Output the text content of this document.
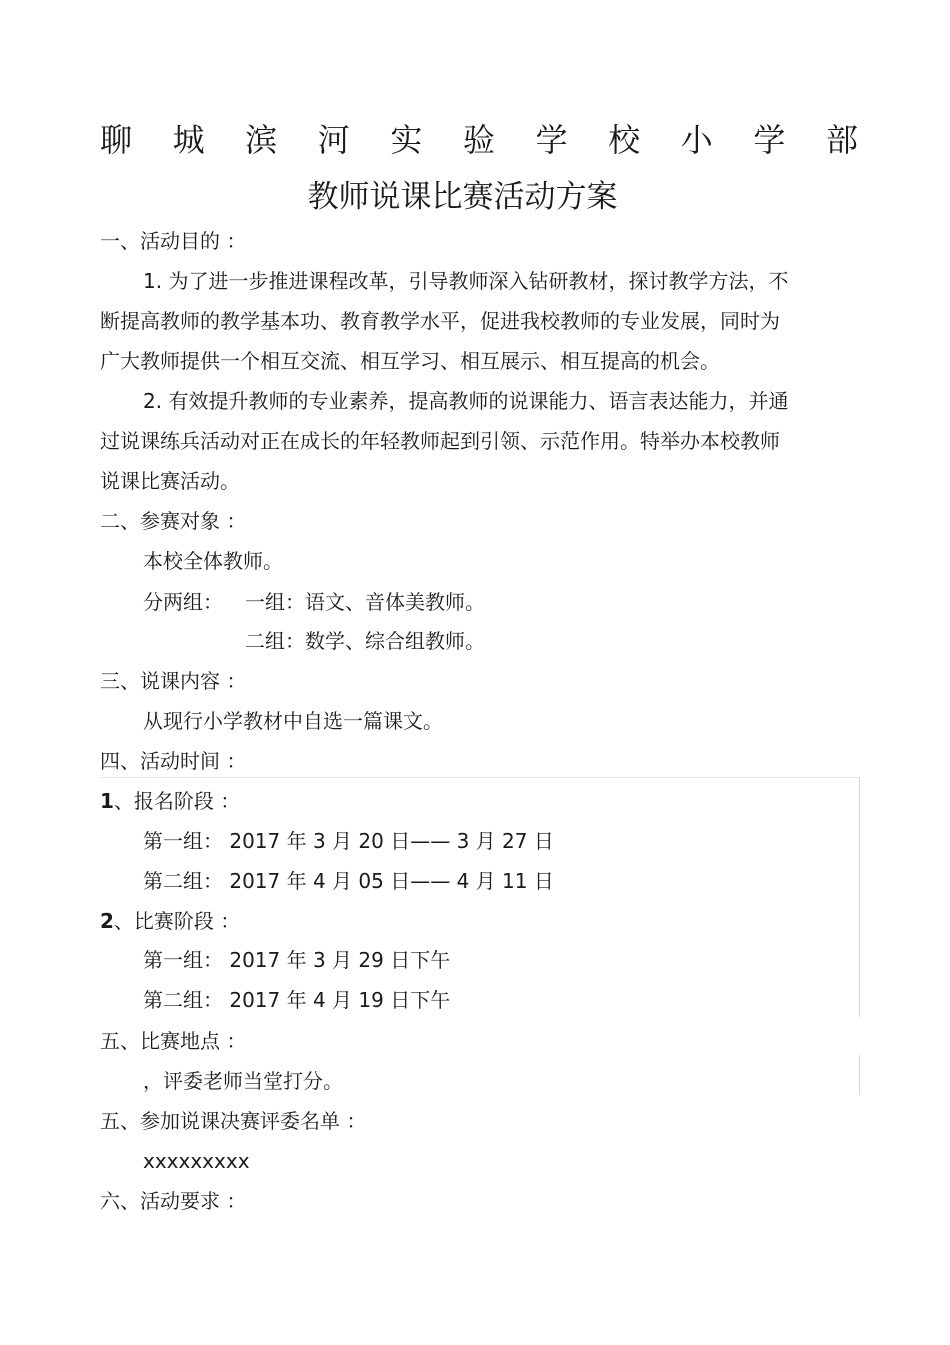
聊 城 滨 河 实 验 学 校 小 学 部
教师说课比赛活动方案
一、活动目的 ：
1. 为了进一步推进课程改革，引导教师深入钻研教材，探讨教学方法，不
断提高教师的教学基本功、教育教学水平，促进我校教师的专业发展，同时为
广大教师提供一个相互交流、相互学习、相互展示、相互提高的机会。
2. 有效提升教师的专业素养，提高教师的说课能力、语言表达能力，并通
过说课练兵活动对正在成长的年轻教师起到引领、示范作用。特举办本校教师
说课比赛活动。
二、参赛对象 ：
本校全体教师。
分两组： 一组：语文、音体美教师。
二组：数学、综合组教师。
三、说课内容 ：
从现行小学教材中自选一篇课文。
四、活动时间 ：
1、报名阶段 ：
第一组： 2017 年 3 月 20 日—— 3 月 27 日
第二组： 2017 年 4 月 05 日—— 4 月 11 日
2、比赛阶段 ：
第一组： 2017 年 3 月 29 日下午
第二组： 2017 年 4 月 19 日下午
五、比赛地点 ：
，评委老师当堂打分。
五、参加说课决赛评委名单 ：
xxxxxxxxx
六、活动要求 ：
